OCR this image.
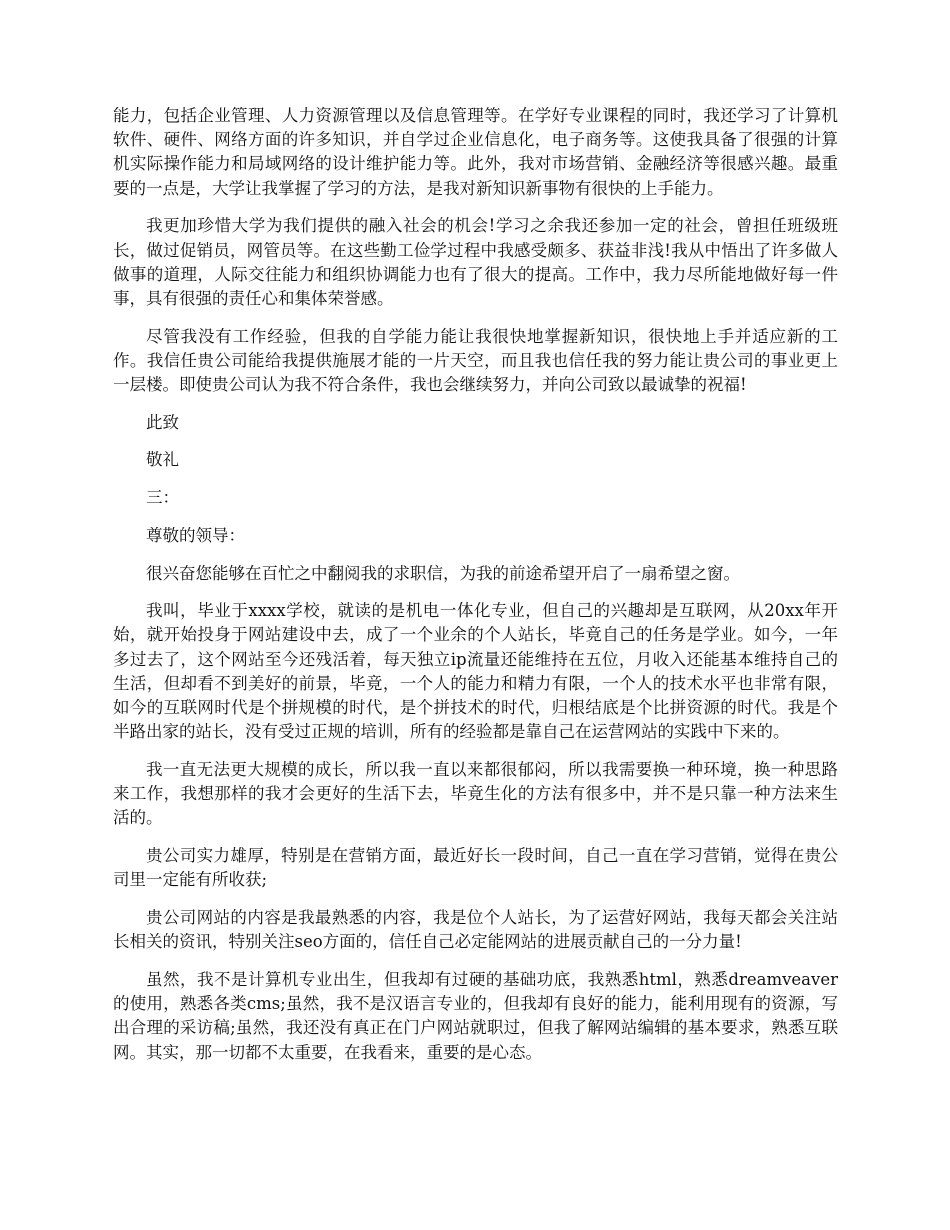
能力，包括企业管理、人力资源管理以及信息管理等。在学好专业课程的同时，我还学习了计算机软件、硬件、网络方面的许多知识，并自学过企业信息化，电子商务等。这使我具备了很强的计算机实际操作能力和局域网络的设计维护能力等。此外，我对市场营销、金融经济等很感兴趣。最重要的一点是，大学让我掌握了学习的方法，是我对新知识新事物有很快的上手能力。

我更加珍惜大学为我们提供的融入社会的机会!学习之余我还参加一定的社会，曾担任班级班长，做过促销员，网管员等。在这些勤工俭学过程中我感受颇多、获益非浅!我从中悟出了许多做人做事的道理，人际交往能力和组织协调能力也有了很大的提高。工作中，我力尽所能地做好每一件事，具有很强的责任心和集体荣誉感。

尽管我没有工作经验，但我的自学能力能让我很快地掌握新知识，很快地上手并适应新的工作。我信任贵公司能给我提供施展才能的一片天空，而且我也信任我的努力能让贵公司的事业更上一层楼。即使贵公司认为我不符合条件，我也会继续努力，并向公司致以最诚挚的祝福!

此致

敬礼

三：

尊敬的领导：

很兴奋您能够在百忙之中翻阅我的求职信，为我的前途希望开启了一扇希望之窗。

我叫，毕业于xxxx学校，就读的是机电一体化专业，但自己的兴趣却是互联网，从20xx年开始，就开始投身于网站建设中去，成了一个业余的个人站长，毕竟自己的任务是学业。如今，一年多过去了，这个网站至今还残活着，每天独立ip流量还能维持在五位，月收入还能基本维持自己的生活，但却看不到美好的前景，毕竟，一个人的能力和精力有限，一个人的技术水平也非常有限，如今的互联网时代是个拼规模的时代，是个拼技术的时代，归根结底是个比拼资源的时代。我是个半路出家的站长，没有受过正规的培训，所有的经验都是靠自己在运营网站的实践中下来的。

我一直无法更大规模的成长，所以我一直以来都很郁闷，所以我需要换一种环境，换一种思路来工作，我想那样的我才会更好的生活下去，毕竟生化的方法有很多中，并不是只靠一种方法来生活的。

贵公司实力雄厚，特别是在营销方面，最近好长一段时间，自己一直在学习营销，觉得在贵公司里一定能有所收获;

贵公司网站的内容是我最熟悉的内容，我是位个人站长，为了运营好网站，我每天都会关注站长相关的资讯，特别关注seo方面的，信任自己必定能网站的进展贡献自己的一分力量!

虽然，我不是计算机专业出生，但我却有过硬的基础功底，我熟悉html，熟悉dreamveaver的使用，熟悉各类cms;虽然，我不是汉语言专业的，但我却有良好的能力，能利用现有的资源，写出合理的采访稿;虽然，我还没有真正在门户网站就职过，但我了解网站编辑的基本要求，熟悉互联网。其实，那一切都不太重要，在我看来，重要的是心态。
